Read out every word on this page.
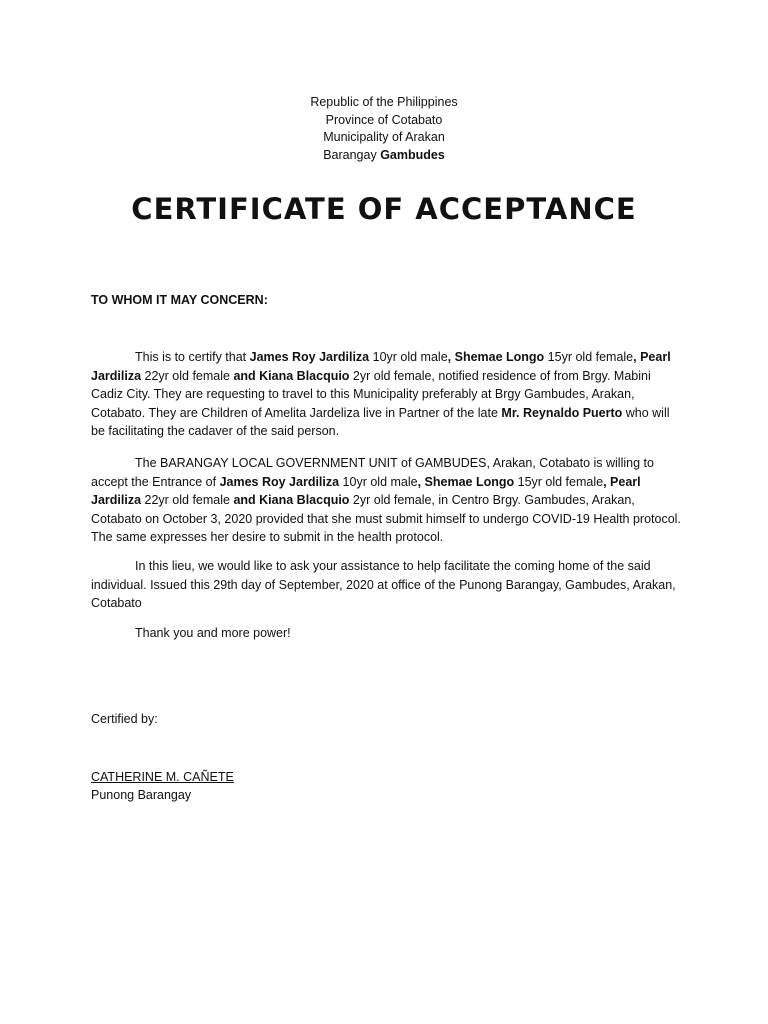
Republic of the Philippines
Province of Cotabato
Municipality of Arakan
Barangay Gambudes
CERTIFICATE OF ACCEPTANCE
TO WHOM IT MAY CONCERN:

This is to certify that James Roy Jardiliza 10yr old male, Shemae Longo 15yr old female, Pearl Jardiliza 22yr old female and Kiana Blacquio 2yr old female, notified residence of from Brgy. Mabini Cadiz City. They are requesting to travel to this Municipality preferably at Brgy Gambudes, Arakan, Cotabato. They are Children of Amelita Jardeliza live in Partner of the late Mr. Reynaldo Puerto who will be facilitating the cadaver of the said person.

The BARANGAY LOCAL GOVERNMENT UNIT of GAMBUDES, Arakan, Cotabato is willing to accept the Entrance of James Roy Jardiliza 10yr old male, Shemae Longo 15yr old female, Pearl Jardiliza 22yr old female and Kiana Blacquio 2yr old female, in Centro Brgy. Gambudes, Arakan, Cotabato on October 3, 2020 provided that she must submit himself to undergo COVID-19 Health protocol. The same expresses her desire to submit in the health protocol.

In this lieu, we would like to ask your assistance to help facilitate the coming home of the said individual. Issued this 29th day of September, 2020 at office of the Punong Barangay, Gambudes, Arakan, Cotabato

Thank you and more power!

Certified by:
CATHERINE M. CAÑETE
Punong Barangay
